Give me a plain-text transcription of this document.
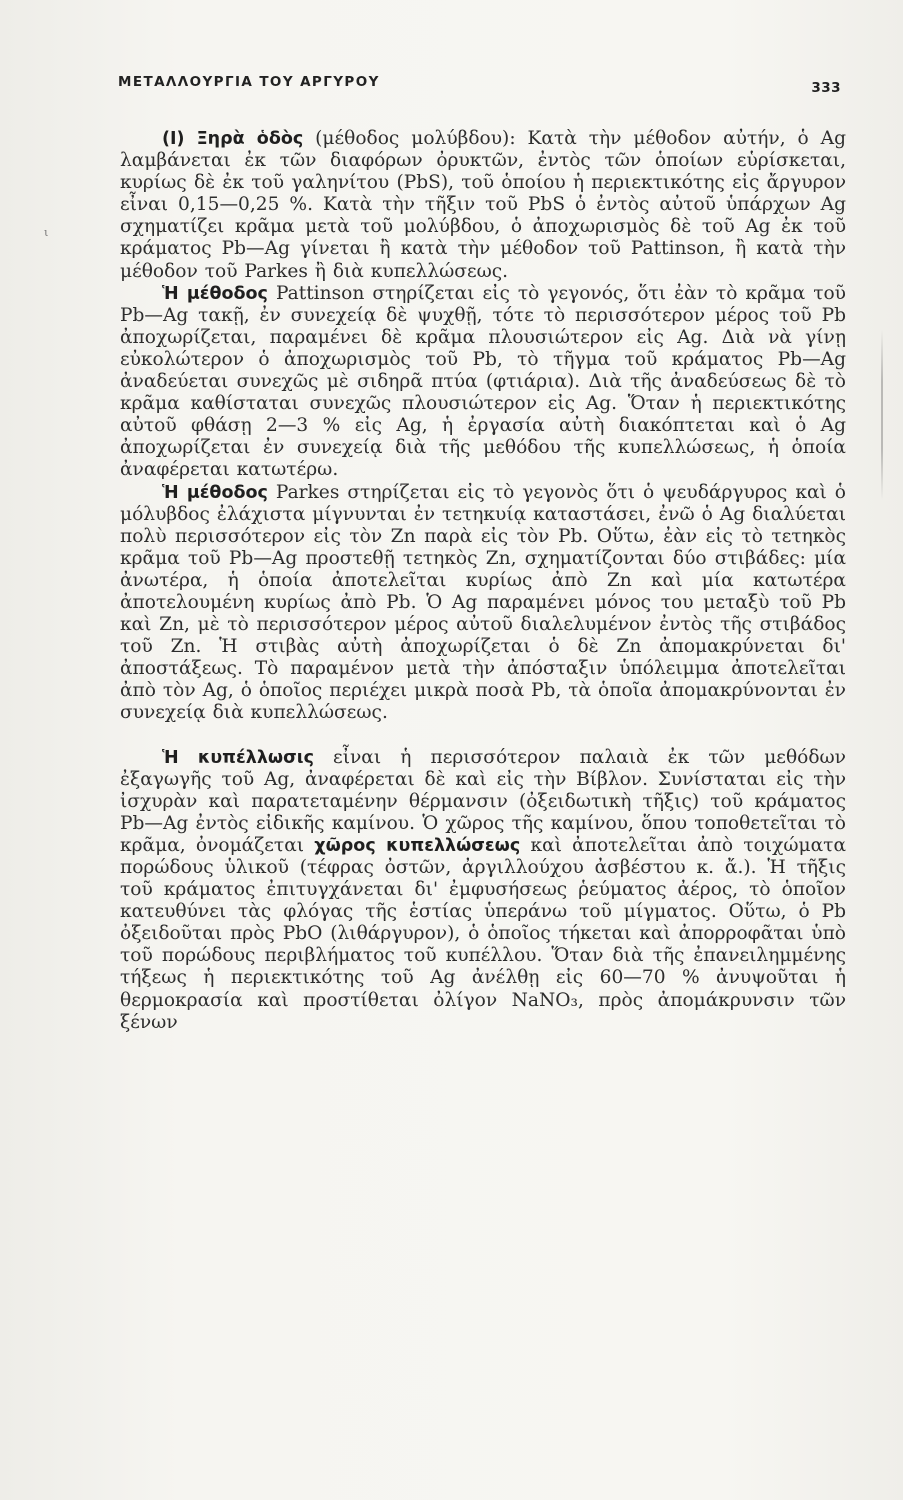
ΜΕΤΑΛΛΟΥΡΓΙΑ ΤΟΥ ΑΡΓΥΡΟΥ	333
ι

(Ι) Ξηρὰ ὁδὸς (μέθοδος μολύβδου): Κατὰ τὴν μέθοδον αὐτήν, ὁ Ag λαμβάνεται ἐκ τῶν διαφόρων ὀρυκτῶν, ἐντὸς τῶν ὁποίων εὑρίσκεται, κυρίως δὲ ἐκ τοῦ γαληνίτου (PbS), τοῦ ὁποίου ἡ περιεκτικότης εἰς ἄργυρον εἶναι 0,15—0,25 %. Κατὰ τὴν τῆξιν τοῦ PbS ὁ ἐντὸς αὐτοῦ ὑπάρχων Ag σχηματίζει κρᾶμα μετὰ τοῦ μολύβδου, ὁ ἀποχωρισμὸς δὲ τοῦ Ag ἐκ τοῦ κράματος Pb—Ag γίνεται ἢ κατὰ τὴν μέθοδον τοῦ Pattinson, ἢ κατὰ τὴν μέθοδον τοῦ Parkes ἢ διὰ κυπελλώσεως.

Ἡ μέθοδος Pattinson στηρίζεται εἰς τὸ γεγονός, ὅτι ἐὰν τὸ κρᾶμα τοῦ Pb—Ag τακῇ, ἐν συνεχείᾳ δὲ ψυχθῇ, τότε τὸ περισσότερον μέρος τοῦ Pb ἀποχωρίζεται, παραμένει δὲ κρᾶμα πλουσιώτερον εἰς Ag. Διὰ νὰ γίνῃ εὐκολώτερον ὁ ἀποχωρισμὸς τοῦ Pb, τὸ τῆγμα τοῦ κράματος Pb—Ag ἀναδεύεται συνεχῶς μὲ σιδηρᾶ πτύα (φτιάρια). Διὰ τῆς ἀναδεύσεως δὲ τὸ κρᾶμα καθίσταται συνεχῶς πλουσιώτερον εἰς Ag. Ὅταν ἡ περιεκτικότης αὐτοῦ φθάσῃ 2—3 % εἰς Ag, ἡ ἐργασία αὐτὴ διακόπτεται καὶ ὁ Ag ἀποχωρίζεται ἐν συνεχείᾳ διὰ τῆς μεθόδου τῆς κυπελλώσεως, ἡ ὁποία ἀναφέρεται κατωτέρω.

Ἡ μέθοδος Parkes στηρίζεται εἰς τὸ γεγονὸς ὅτι ὁ ψευδάργυρος καὶ ὁ μόλυβδος ἐλάχιστα μίγνυνται ἐν τετηκυίᾳ καταστάσει, ἐνῶ ὁ Ag διαλύεται πολὺ περισσότερον εἰς τὸν Zn παρὰ εἰς τὸν Pb. Οὕτω, ἐὰν εἰς τὸ τετηκὸς κρᾶμα τοῦ Pb—Ag προστεθῇ τετηκὸς Zn, σχηματίζονται δύο στιβάδες: μία ἀνωτέρα, ἡ ὁποία ἀποτελεῖται κυρίως ἀπὸ Zn καὶ μία κατωτέρα ἀποτελουμένη κυρίως ἀπὸ Pb. Ὁ Ag παραμένει μόνος του μεταξὺ τοῦ Pb καὶ Zn, μὲ τὸ περισσότερον μέρος αὐτοῦ διαλελυμένον ἐντὸς τῆς στιβάδος τοῦ Zn. Ἡ στιβὰς αὐτὴ ἀποχωρίζεται ὁ δὲ Zn ἀπομακρύνεται δι' ἀποστάξεως. Τὸ παραμένον μετὰ τὴν ἀπόσταξιν ὑπόλειμμα ἀποτελεῖται ἀπὸ τὸν Ag, ὁ ὁποῖος περιέχει μικρὰ ποσὰ Pb, τὰ ὁποῖα ἀπομακρύνονται ἐν συνεχείᾳ διὰ κυπελλώσεως.

Ἡ κυπέλλωσις εἶναι ἡ περισσότερον παλαιὰ ἐκ τῶν μεθόδων ἐξαγωγῆς τοῦ Ag, ἀναφέρεται δὲ καὶ εἰς τὴν Βίβλον. Συνίσταται εἰς τὴν ἰσχυρὰν καὶ παρατεταμένην θέρμανσιν (ὀξειδωτικὴ τῆξις) τοῦ κράματος Pb—Ag ἐντὸς εἰδικῆς καμίνου. Ὁ χῶρος τῆς καμίνου, ὅπου τοποθετεῖται τὸ κρᾶμα, ὀνομάζεται χῶρος κυπελλώσεως καὶ ἀποτελεῖται ἀπὸ τοιχώματα πορώδους ὑλικοῦ (τέφρας ὀστῶν, ἀργιλλούχου ἀσβέστου κ. ἄ.). Ἡ τῆξις τοῦ κράματος ἐπιτυγχάνεται δι' ἐμφυσήσεως ῥεύματος ἀέρος, τὸ ὁποῖον κατευθύνει τὰς φλόγας τῆς ἑστίας ὑπεράνω τοῦ μίγματος. Οὕτω, ὁ Pb ὀξειδοῦται πρὸς PbO (λιθάργυρον), ὁ ὁποῖος τήκεται καὶ ἀπορροφᾶται ὑπὸ τοῦ πορώδους περιβλήματος τοῦ κυπέλλου. Ὅταν διὰ τῆς ἐπανειλημμένης τήξεως ἡ περιεκτικότης τοῦ Ag ἀνέλθῃ εἰς 60—70 % ἀνυψοῦται ἡ θερμοκρασία καὶ προστίθεται ὀλίγον NaNO₃, πρὸς ἀπομάκρυνσιν τῶν ξένων
